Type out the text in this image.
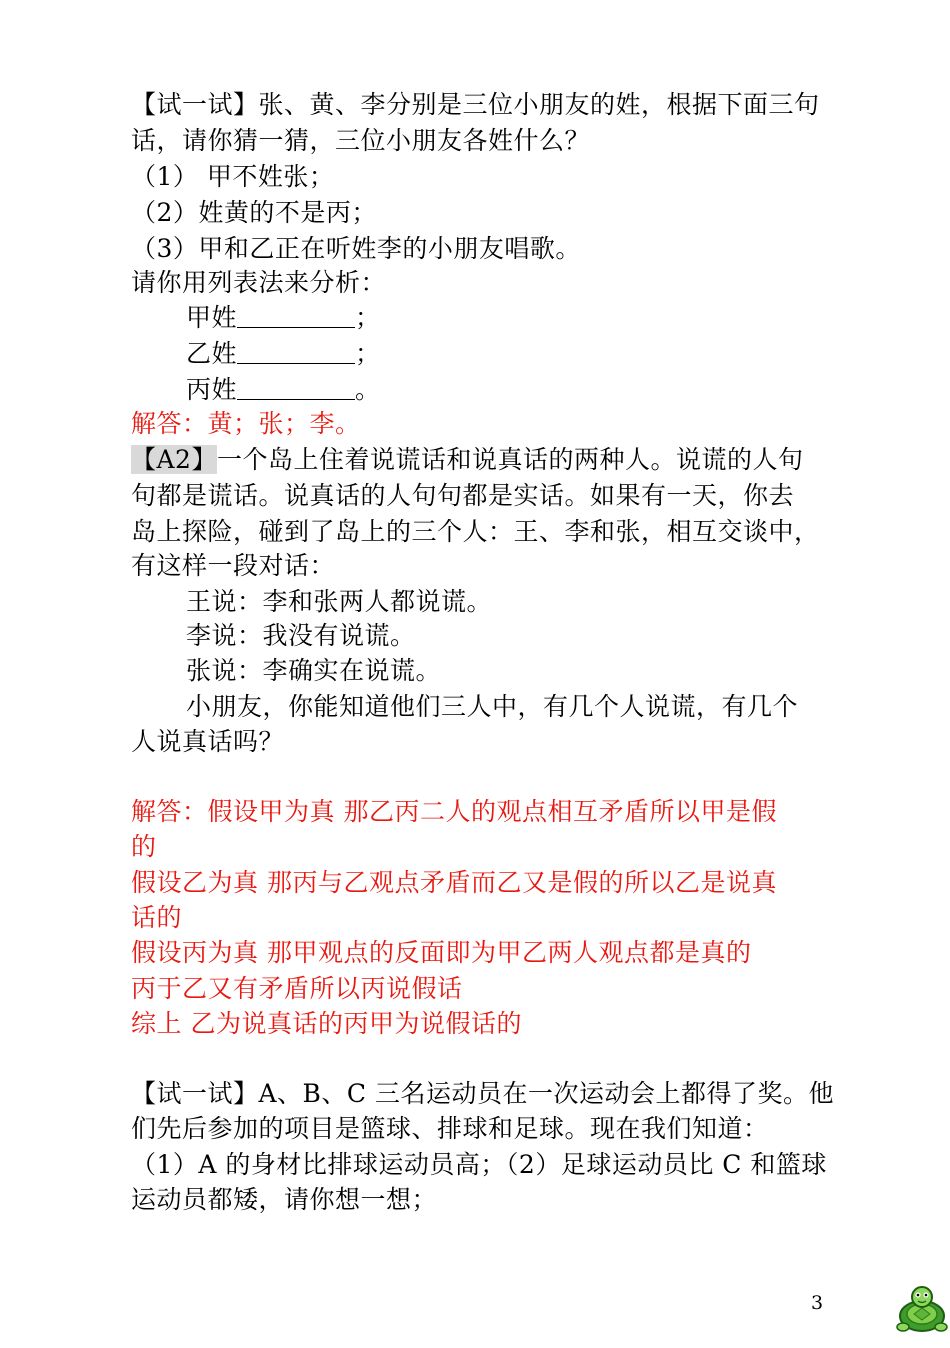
【试一试】张、黄、李分别是三位小朋友的姓，根据下面三句
话，请你猜一猜，三位小朋友各姓什么？
（1） 甲不姓张；
（2）姓黄的不是丙；
（3）甲和乙正在听姓李的小朋友唱歌。
请你用列表法来分析：
甲姓	；
乙姓	；
丙姓	。
解答：黄；张；李。
【A2】一个岛上住着说谎话和说真话的两种人。说谎的人句
句都是谎话。说真话的人句句都是实话。如果有一天，你去
岛上探险，碰到了岛上的三个人：王、李和张，相互交谈中，
有这样一段对话：
王说：李和张两人都说谎。
李说：我没有说谎。
张说：李确实在说谎。
小朋友，你能知道他们三人中，有几个人说谎，有几个
人说真话吗？
解答：假设甲为真 那乙丙二人的观点相互矛盾所以甲是假
的
假设乙为真 那丙与乙观点矛盾而乙又是假的所以乙是说真
话的
假设丙为真 那甲观点的反面即为甲乙两人观点都是真的
丙于乙又有矛盾所以丙说假话
综上 乙为说真话的丙甲为说假话的
【试一试】A、B、C 三名运动员在一次运动会上都得了奖。他
们先后参加的项目是篮球、排球和足球。现在我们知道：
（1）A 的身材比排球运动员高；（2）足球运动员比 C 和篮球
运动员都矮，请你想一想；
3
